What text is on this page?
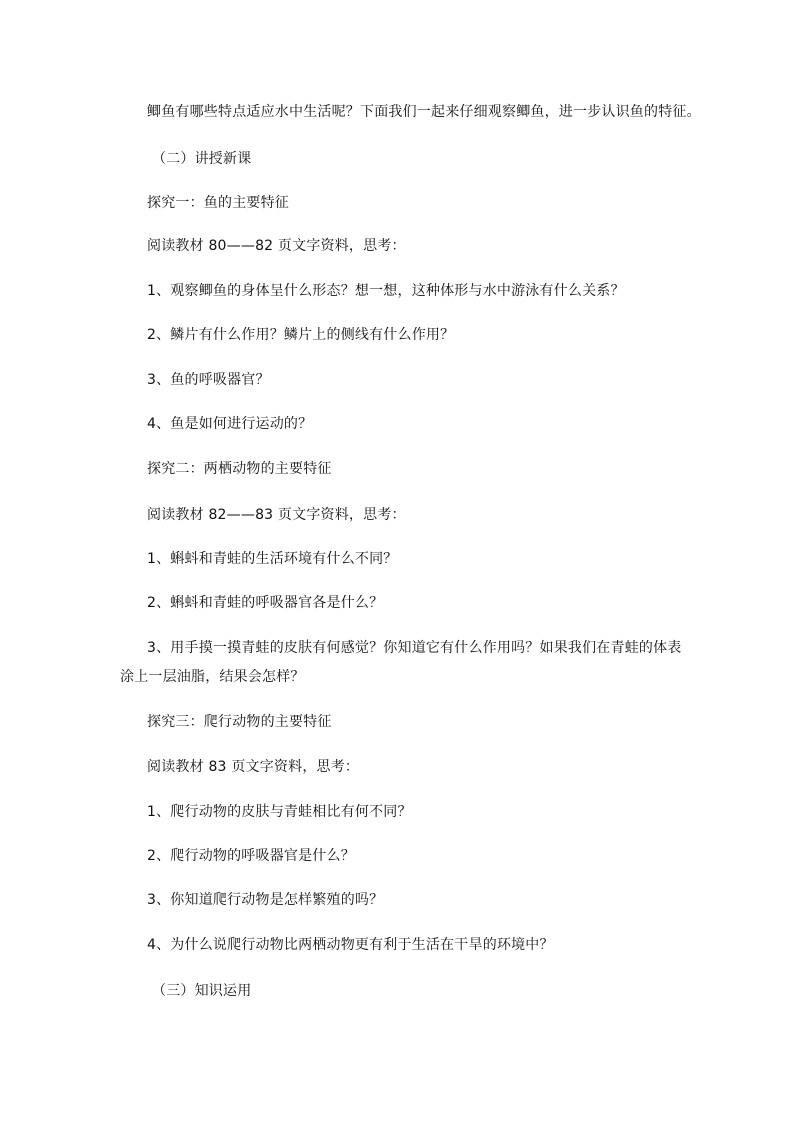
鲫鱼有哪些特点适应水中生活呢？下面我们一起来仔细观察鲫鱼，进一步认识鱼的特征。
（二）讲授新课
探究一：鱼的主要特征
阅读教材 80——82 页文字资料，思考：
1、观察鲫鱼的身体呈什么形态？想一想，这种体形与水中游泳有什么关系？
2、鳞片有什么作用？鳞片上的侧线有什么作用？
3、鱼的呼吸器官？
4、鱼是如何进行运动的？
探究二：两栖动物的主要特征
阅读教材 82——83 页文字资料，思考：
1、蝌蚪和青蛙的生活环境有什么不同？
2、蝌蚪和青蛙的呼吸器官各是什么？
3、用手摸一摸青蛙的皮肤有何感觉？你知道它有什么作用吗？如果我们在青蛙的体表
涂上一层油脂，结果会怎样？
探究三：爬行动物的主要特征
阅读教材 83 页文字资料，思考：
1、爬行动物的皮肤与青蛙相比有何不同？
2、爬行动物的呼吸器官是什么？
3、你知道爬行动物是怎样繁殖的吗？
4、为什么说爬行动物比两栖动物更有利于生活在干旱的环境中？
（三）知识运用
